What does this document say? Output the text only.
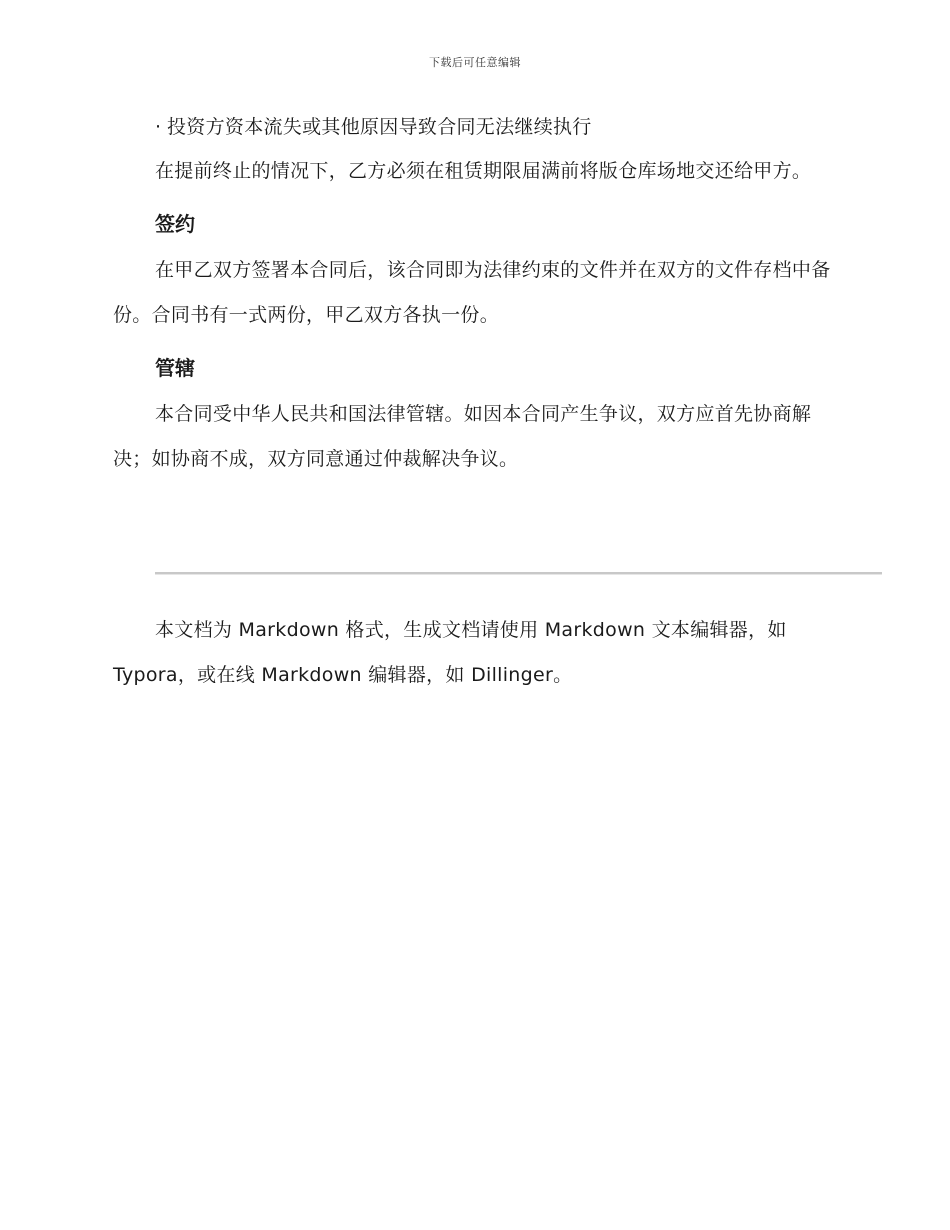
下载后可任意编辑

· 投资方资本流失或其他原因导致合同无法继续执行

在提前终止的情况下，乙方必须在租赁期限届满前将版仓库场地交还给甲方。

签约

在甲乙双方签署本合同后，该合同即为法律约束的文件并在双方的文件存档中备份。合同书有一式两份，甲乙双方各执一份。

管辖

本合同受中华人民共和国法律管辖。如因本合同产生争议，双方应首先协商解决；如协商不成，双方同意通过仲裁解决争议。

本文档为 Markdown 格式，生成文档请使用 Markdown 文本编辑器，如 Typora，或在线 Markdown 编辑器，如 Dillinger。
